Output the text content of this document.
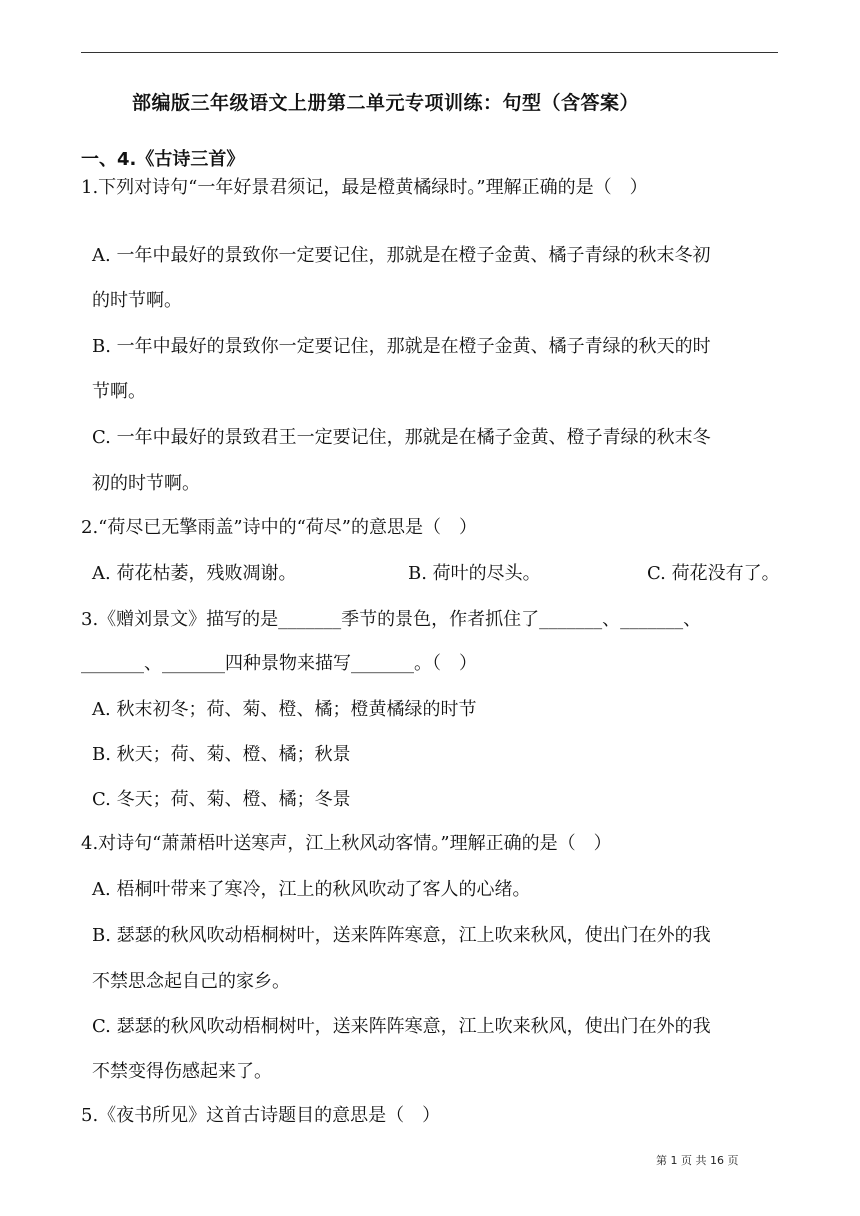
部编版三年级语文上册第二单元专项训练：句型（含答案）
一、4.《古诗三首》
1.下列对诗句“一年好景君须记，最是橙黄橘绿时。”理解正确的是（　）
A. 一年中最好的景致你一定要记住，那就是在橙子金黄、橘子青绿的秋末冬初
的时节啊。
B. 一年中最好的景致你一定要记住，那就是在橙子金黄、橘子青绿的秋天的时
节啊。
C. 一年中最好的景致君王一定要记住，那就是在橘子金黄、橙子青绿的秋末冬
初的时节啊。
2.“荷尽已无擎雨盖”诗中的“荷尽”的意思是（　）
A. 荷花枯萎，残败凋谢。	B. 荷叶的尽头。	C. 荷花没有了。
3.《赠刘景文》描写的是_______季节的景色，作者抓住了_______、_______、
_______、_______四种景物来描写_______。（　）
A. 秋末初冬；荷、菊、橙、橘；橙黄橘绿的时节
B. 秋天；荷、菊、橙、橘；秋景
C. 冬天；荷、菊、橙、橘；冬景
4.对诗句“萧萧梧叶送寒声，江上秋风动客情。”理解正确的是（　）
A. 梧桐叶带来了寒冷，江上的秋风吹动了客人的心绪。
B. 瑟瑟的秋风吹动梧桐树叶，送来阵阵寒意，江上吹来秋风，使出门在外的我
不禁思念起自己的家乡。
C. 瑟瑟的秋风吹动梧桐树叶，送来阵阵寒意，江上吹来秋风，使出门在外的我
不禁变得伤感起来了。
5.《夜书所见》这首古诗题目的意思是（　）
第 1 页 共 16 页
